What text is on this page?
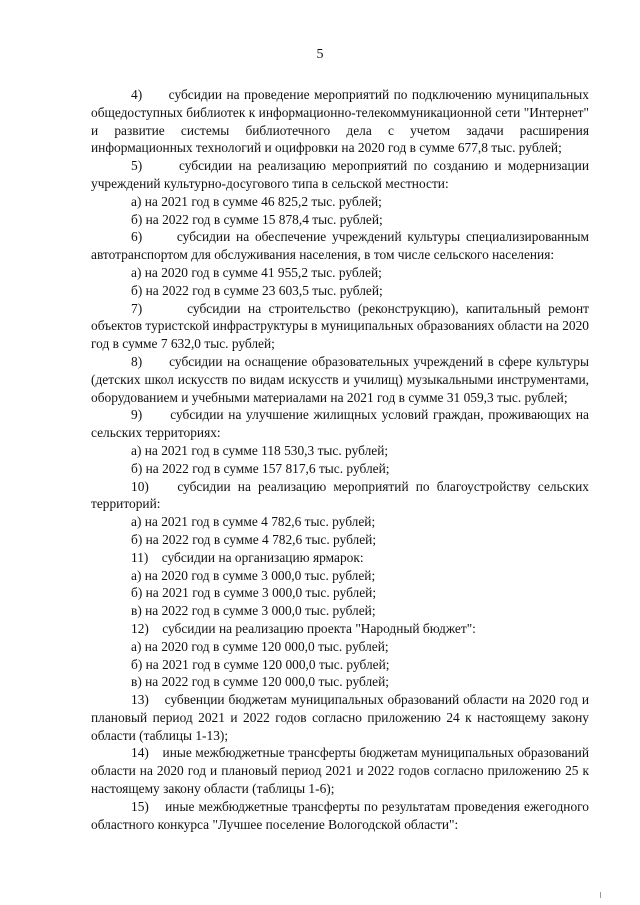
5

4)      субсидии на проведение мероприятий по подключению муниципальных общедоступных библиотек к информационно-телекоммуникационной сети "Интернет" и развитие системы библиотечного дела с учетом задачи расширения информационных технологий и оцифровки на 2020 год в сумме 677,8 тыс. рублей;

5)      субсидии на реализацию мероприятий по созданию и модернизации учреждений культурно-досугового типа в сельской местности:

а) на 2021 год в сумме 46 825,2 тыс. рублей;

б) на 2022 год в сумме 15 878,4 тыс. рублей;

6)      субсидии на обеспечение учреждений культуры специализированным автотранспортом для обслуживания населения, в том числе сельского населения:

а) на 2020 год в сумме 41 955,2 тыс. рублей;

б) на 2022 год в сумме 23 603,5 тыс. рублей;

7)      субсидии на строительство (реконструкцию), капитальный ремонт объектов туристской инфраструктуры в муниципальных образованиях области на 2020 год в сумме 7 632,0 тыс. рублей;

8)      субсидии на оснащение образовательных учреждений в сфере культуры (детских школ искусств по видам искусств и училищ) музыкальными инструментами, оборудованием и учебными материалами на 2021 год в сумме 31 059,3 тыс. рублей;

9)      субсидии на улучшение жилищных условий граждан, проживающих на сельских территориях:

а) на 2021 год в сумме 118 530,3 тыс. рублей;

б) на 2022 год в сумме 157 817,6 тыс. рублей;

10)    субсидии на реализацию мероприятий по благоустройству сельских территорий:

а) на 2021 год в сумме 4 782,6 тыс. рублей;

б) на 2022 год в сумме 4 782,6 тыс. рублей;

11)    субсидии на организацию ярмарок:

а) на 2020 год в сумме 3 000,0 тыс. рублей;

б) на 2021 год в сумме 3 000,0 тыс. рублей;

в) на 2022 год в сумме 3 000,0 тыс. рублей;

12)    субсидии на реализацию проекта "Народный бюджет":

а) на 2020 год в сумме 120 000,0 тыс. рублей;

б) на 2021 год в сумме 120 000,0 тыс. рублей;

в) на 2022 год в сумме 120 000,0 тыс. рублей;

13)    субвенции бюджетам муниципальных образований области на 2020 год и плановый период 2021 и 2022 годов согласно приложению 24 к настоящему закону области (таблицы 1-13);

14)    иные межбюджетные трансферты бюджетам муниципальных образований области на 2020 год и плановый период 2021 и 2022 годов согласно приложению 25 к настоящему закону области (таблицы 1-6);

15)    иные межбюджетные трансферты по результатам проведения ежегодного областного конкурса "Лучшее поселение Вологодской области":
